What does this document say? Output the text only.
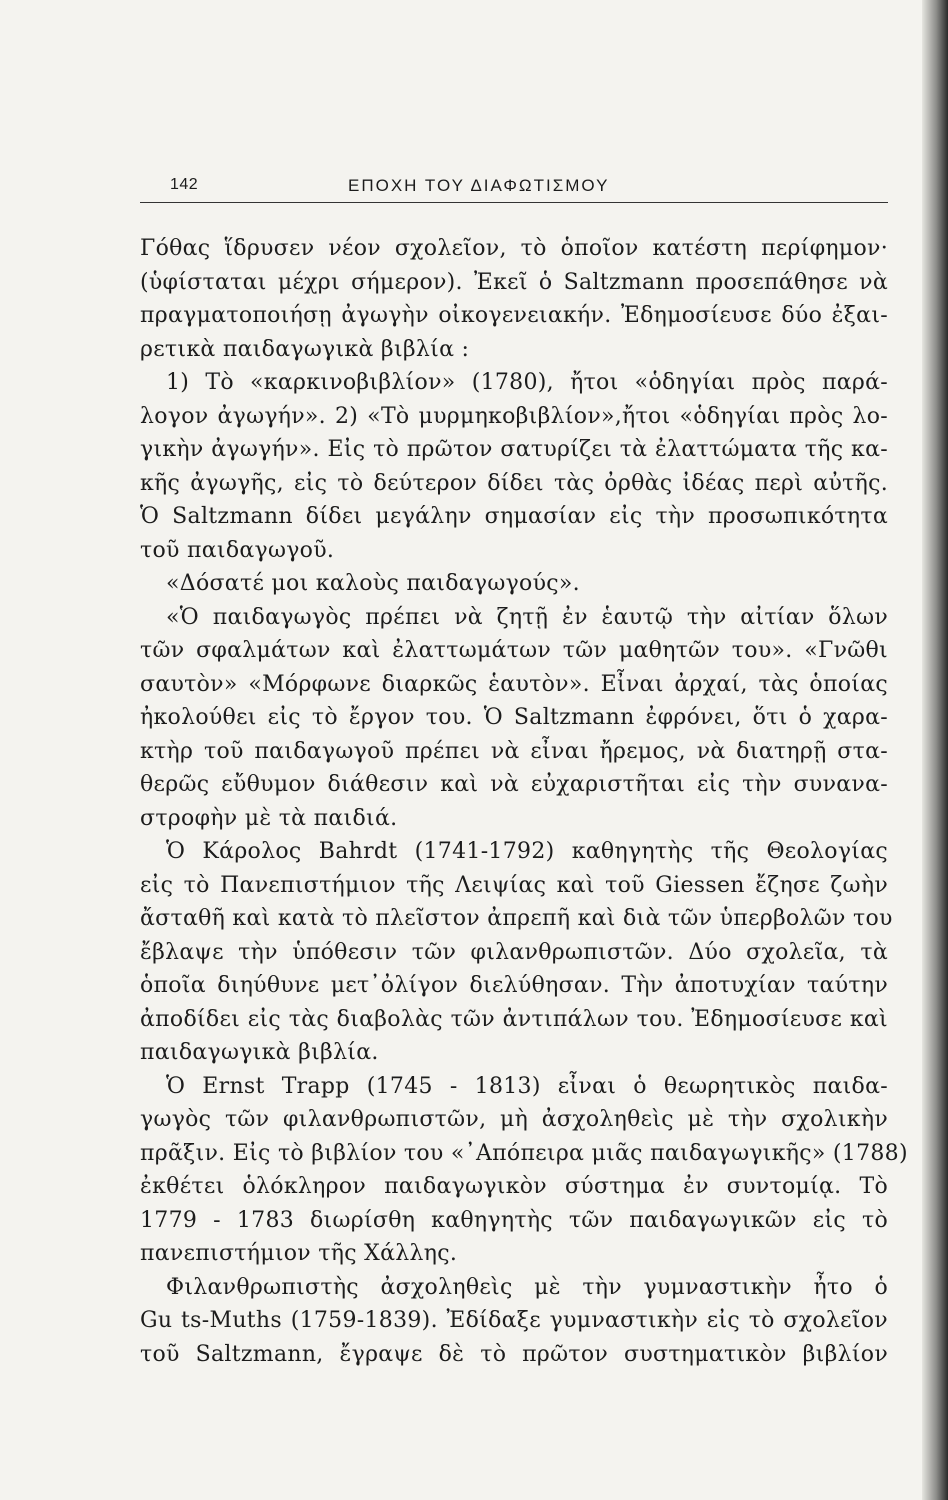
142	ΕΠΟΧΗ ΤΟΥ ΔΙΑΦΩΤΙΣΜΟΥ
Γόθας ἵδρυσεν νέον σχολεῖον, τὸ ὁποῖον κατέστη περίφημον·
(ὑφίσταται μέχρι σήμερον). Ἐκεῖ ὁ Saltzmann προσεπάθησε νὰ
πραγματοποιήσῃ ἀγωγὴν οἰκογενειακήν. Ἐδημοσίευσε δύο ἐξαι-
ρετικὰ παιδαγωγικὰ βιβλία :
1) Τὸ «καρκινοβιβλίον» (1780), ἤτοι «ὁδηγίαι πρὸς παρά-
λογον ἀγωγήν». 2) «Τὸ μυρμηκοβιβλίον»,ἤτοι «ὁδηγίαι πρὸς λο-
γικὴν ἀγωγήν». Εἰς τὸ πρῶτον σατυρίζει τὰ ἐλαττώματα τῆς κα-
κῆς ἀγωγῆς, εἰς τὸ δεύτερον δίδει τὰς ὀρθὰς ἰδέας περὶ αὐτῆς.
Ὁ Saltzmann δίδει μεγάλην σημασίαν εἰς τὴν προσωπικότητα
τοῦ παιδαγωγοῦ.
«Δόσατέ μοι καλοὺς παιδαγωγούς».
«Ὁ παιδαγωγὸς πρέπει νὰ ζητῇ ἐν ἑαυτῷ τὴν αἰτίαν ὅλων
τῶν σφαλμάτων καὶ ἐλαττωμάτων τῶν μαθητῶν του». «Γνῶθι
σαυτὸν» «Μόρφωνε διαρκῶς ἑαυτὸν». Εἶναι ἀρχαί, τὰς ὁποίας
ἠκολούθει εἰς τὸ ἔργον του. Ὁ Saltzmann ἐφρόνει, ὅτι ὁ χαρα-
κτὴρ τοῦ παιδαγωγοῦ πρέπει νὰ εἶναι ἤρεμος, νὰ διατηρῇ στα-
θερῶς εὔθυμον διάθεσιν καὶ νὰ εὐχαριστῆται εἰς τὴν συνανα-
στροφὴν μὲ τὰ παιδιά.
Ὁ Κάρολος Bahrdt (1741-1792) καθηγητὴς τῆς Θεολογίας
εἰς τὸ Πανεπιστήμιον τῆς Λειψίας καὶ τοῦ Giessen ἔζησε ζωὴν
ἄσταθῆ καὶ κατὰ τὸ πλεῖστον ἀπρεπῆ καὶ διὰ τῶν ὑπερβολῶν του
ἔβλαψε τὴν ὑπόθεσιν τῶν φιλανθρωπιστῶν. Δύο σχολεῖα, τὰ
ὁποῖα διηύθυνε μετ᾽ὀλίγον διελύθησαν. Τὴν ἀποτυχίαν ταύτην
ἀποδίδει εἰς τὰς διαβολὰς τῶν ἀντιπάλων του. Ἐδημοσίευσε καὶ
παιδαγωγικὰ βιβλία.
Ὁ Ernst Trapp (1745 - 1813) εἶναι ὁ θεωρητικὸς παιδα-
γωγὸς τῶν φιλανθρωπιστῶν, μὴ ἀσχοληθεὶς μὲ τὴν σχολικὴν
πρᾶξιν. Εἰς τὸ βιβλίον του «᾽Απόπειρα μιᾶς παιδαγωγικῆς» (1788)
ἐκθέτει ὁλόκληρον παιδαγωγικὸν σύστημα ἐν συντομίᾳ. Τὸ
1779 - 1783 διωρίσθη καθηγητὴς τῶν παιδαγωγικῶν εἰς τὸ
πανεπιστήμιον τῆς Χάλλης.
Φιλανθρωπιστὴς ἀσχοληθεὶς μὲ τὴν γυμναστικὴν ἦτο ὁ
Gu ts-Muths (1759-1839). Ἐδίδαξε γυμναστικὴν εἰς τὸ σχολεῖον
τοῦ Saltzmann, ἔγραψε δὲ τὸ πρῶτον συστηματικὸν βιβλίον
